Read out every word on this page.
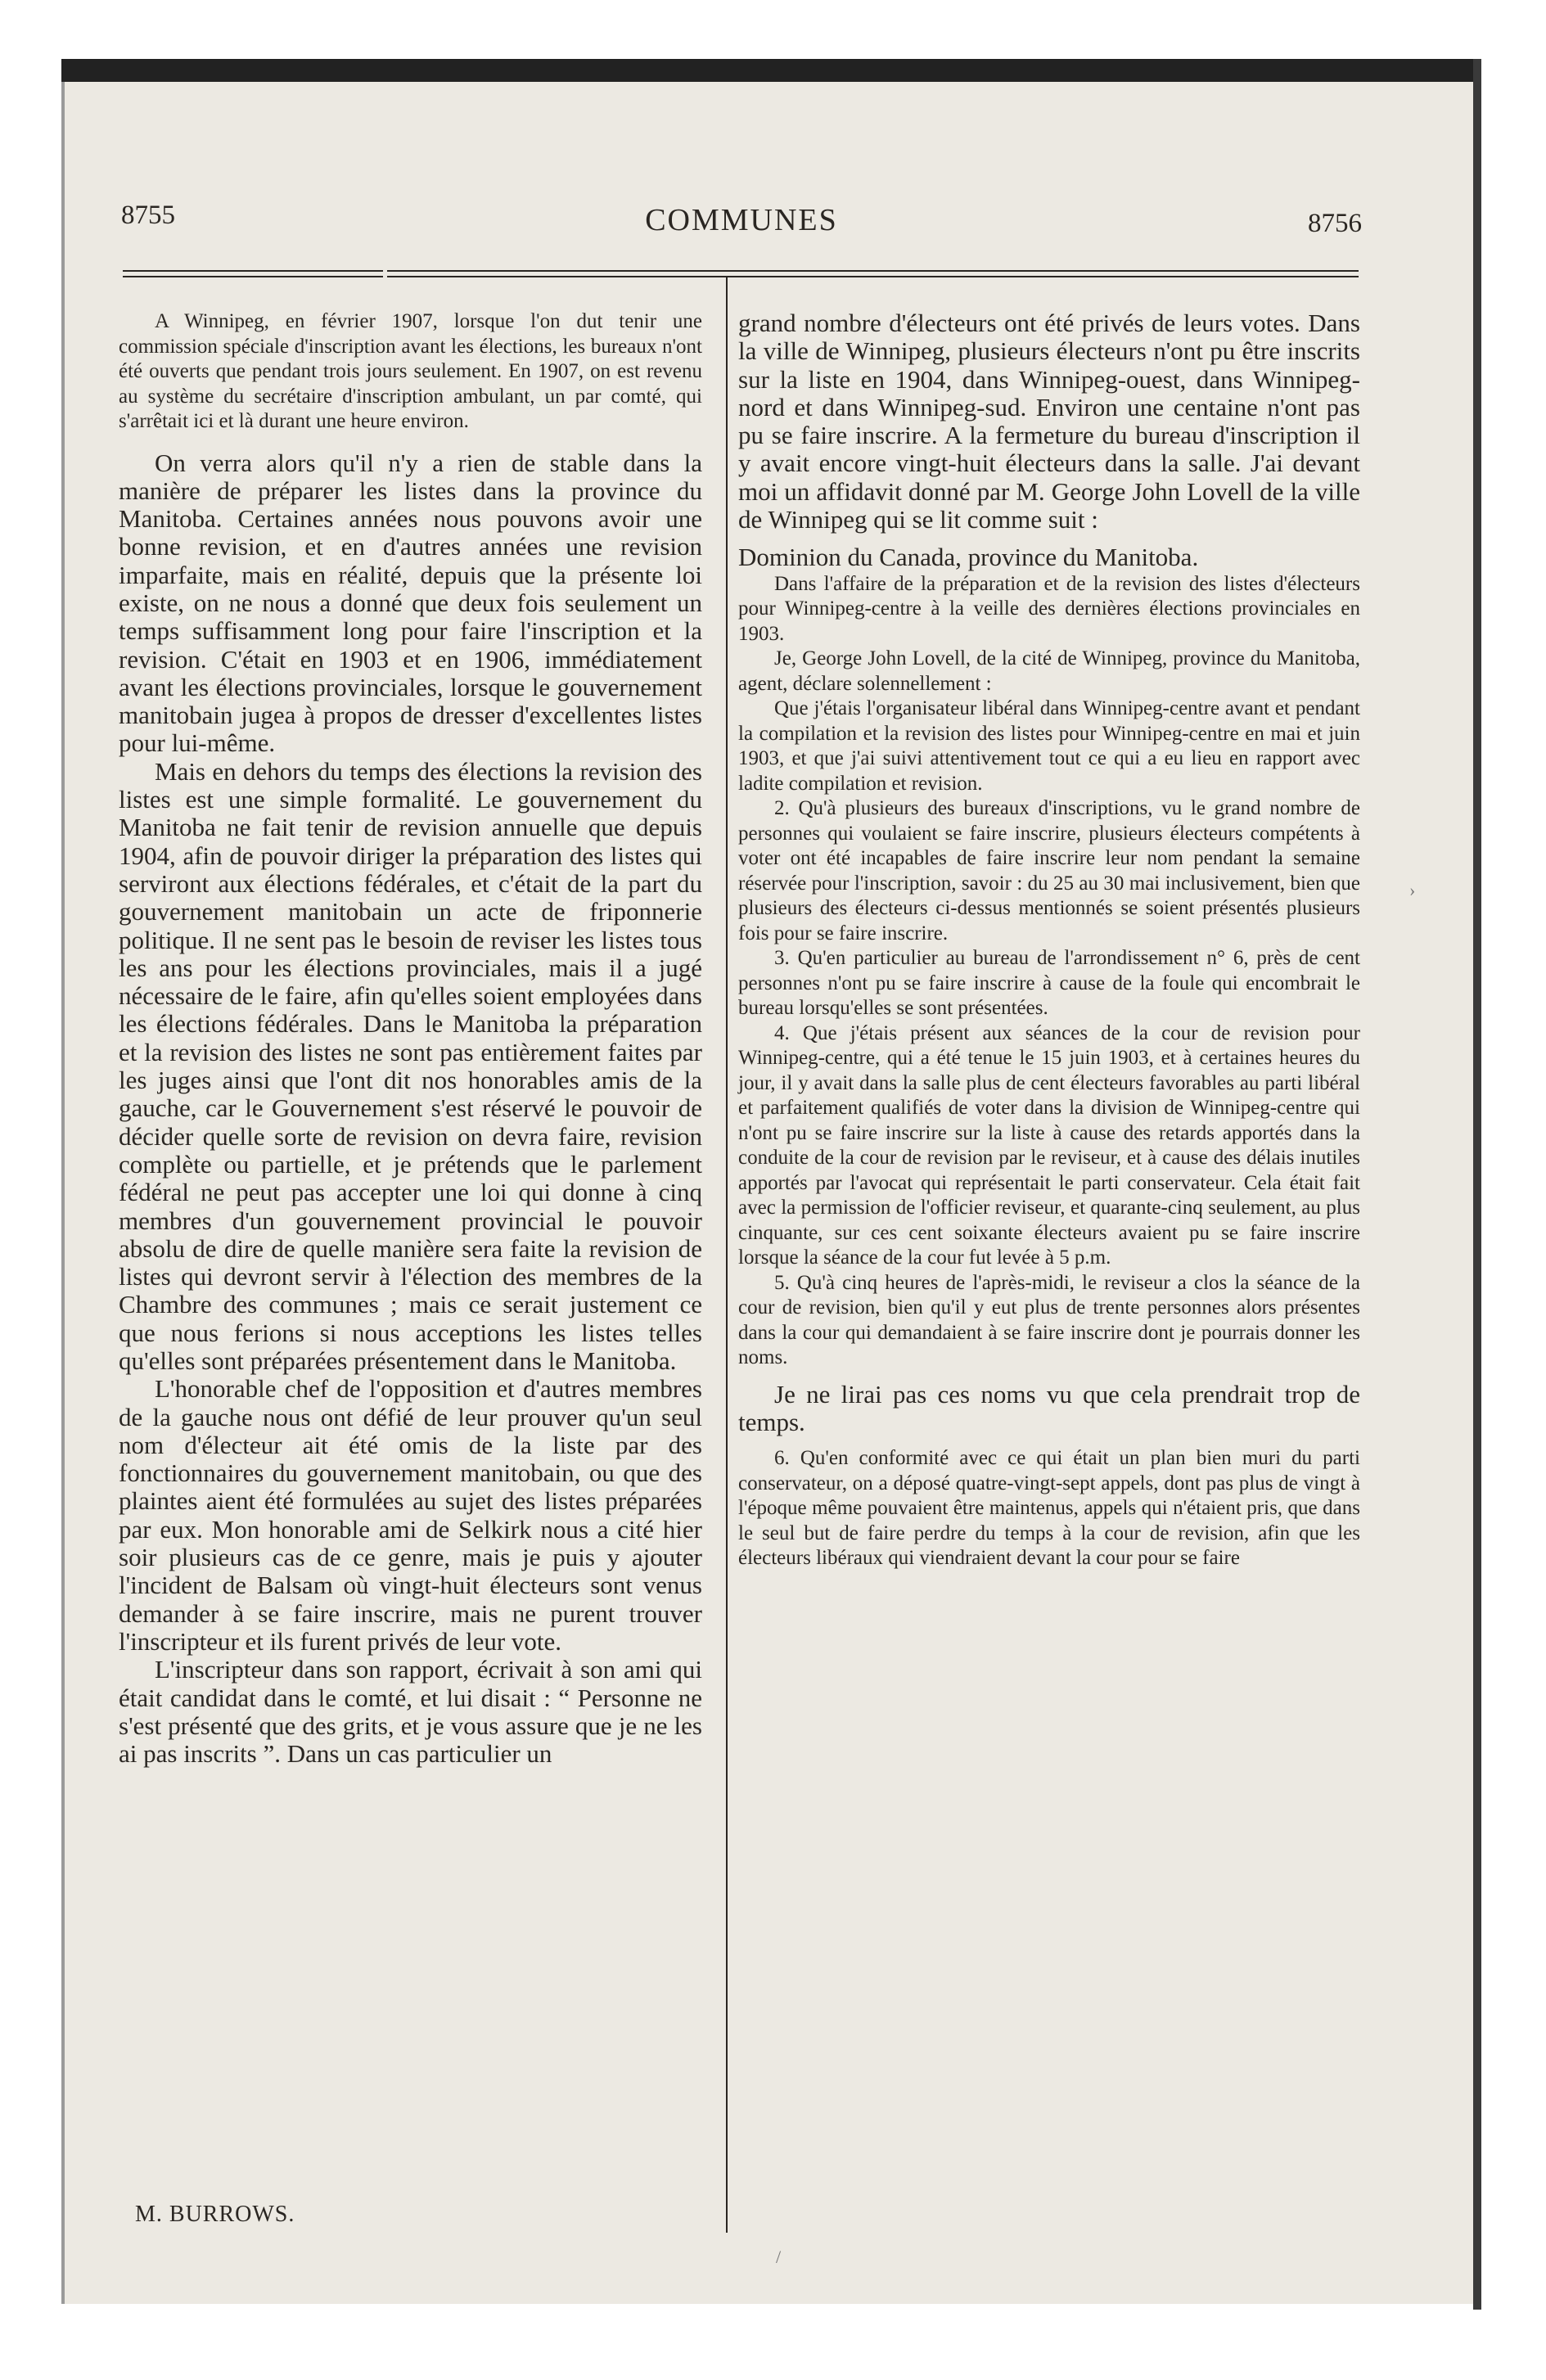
8755	COMMUNES	8756

A Winnipeg, en février 1907, lorsque l'on dut tenir une commission spéciale d'inscription avant les élections, les bureaux n'ont été ouverts que pendant trois jours seulement. En 1907, on est revenu au système du secrétaire d'inscription ambulant, un par comté, qui s'arrêtait ici et là durant une heure environ.

On verra alors qu'il n'y a rien de stable dans la manière de préparer les listes dans la province du Manitoba. Certaines années nous pouvons avoir une bonne revision, et en d'autres années une revision imparfaite, mais en réalité, depuis que la présente loi existe, on ne nous a donné que deux fois seulement un temps suffisamment long pour faire l'inscription et la revision. C'était en 1903 et en 1906, immédiatement avant les élections provinciales, lorsque le gouvernement manitobain jugea à propos de dresser d'excellentes listes pour lui-même.

Mais en dehors du temps des élections la revision des listes est une simple formalité. Le gouvernement du Manitoba ne fait tenir de revision annuelle que depuis 1904, afin de pouvoir diriger la préparation des listes qui serviront aux élections fédérales, et c'était de la part du gouvernement manitobain un acte de friponnerie politique. Il ne sent pas le besoin de reviser les listes tous les ans pour les élections provinciales, mais il a jugé nécessaire de le faire, afin qu'elles soient employées dans les élections fédérales. Dans le Manitoba la préparation et la revision des listes ne sont pas entièrement faites par les juges ainsi que l'ont dit nos honorables amis de la gauche, car le Gouvernement s'est réservé le pouvoir de décider quelle sorte de revision on devra faire, revision complète ou partielle, et je prétends que le parlement fédéral ne peut pas accepter une loi qui donne à cinq membres d'un gouvernement provincial le pouvoir absolu de dire de quelle manière sera faite la revision de listes qui devront servir à l'élection des membres de la Chambre des communes ; mais ce serait justement ce que nous ferions si nous acceptions les listes telles qu'elles sont préparées présentement dans le Manitoba.

L'honorable chef de l'opposition et d'autres membres de la gauche nous ont défié de leur prouver qu'un seul nom d'électeur ait été omis de la liste par des fonctionnaires du gouvernement manitobain, ou que des plaintes aient été formulées au sujet des listes préparées par eux. Mon honorable ami de Selkirk nous a cité hier soir plusieurs cas de ce genre, mais je puis y ajouter l'incident de Balsam où vingt-huit électeurs sont venus demander à se faire inscrire, mais ne purent trouver l'inscripteur et ils furent privés de leur vote.

L'inscripteur dans son rapport, écrivait à son ami qui était candidat dans le comté, et lui disait : “ Personne ne s'est présenté que des grits, et je vous assure que je ne les ai pas inscrits ”. Dans un cas particulier un

M. BURROWS.

grand nombre d'électeurs ont été privés de leurs votes. Dans la ville de Winnipeg, plusieurs électeurs n'ont pu être inscrits sur la liste en 1904, dans Winnipeg-ouest, dans Winnipeg-nord et dans Winnipeg-sud. Environ une centaine n'ont pas pu se faire inscrire. A la fermeture du bureau d'inscription il y avait encore vingt-huit électeurs dans la salle. J'ai devant moi un affidavit donné par M. George John Lovell de la ville de Winnipeg qui se lit comme suit :

Dominion du Canada, province du Manitoba.

Dans l'affaire de la préparation et de la revision des listes d'électeurs pour Winnipeg-centre à la veille des dernières élections provinciales en 1903.

Je, George John Lovell, de la cité de Winnipeg, province du Manitoba, agent, déclare solennellement :

Que j'étais l'organisateur libéral dans Winnipeg-centre avant et pendant la compilation et la revision des listes pour Winnipeg-centre en mai et juin 1903, et que j'ai suivi attentivement tout ce qui a eu lieu en rapport avec ladite compilation et revision.

2. Qu'à plusieurs des bureaux d'inscriptions, vu le grand nombre de personnes qui voulaient se faire inscrire, plusieurs électeurs compétents à voter ont été incapables de faire inscrire leur nom pendant la semaine réservée pour l'inscription, savoir : du 25 au 30 mai inclusivement, bien que plusieurs des électeurs ci-dessus mentionnés se soient présentés plusieurs fois pour se faire inscrire.

3. Qu'en particulier au bureau de l'arrondissement n° 6, près de cent personnes n'ont pu se faire inscrire à cause de la foule qui encombrait le bureau lorsqu'elles se sont présentées.

4. Que j'étais présent aux séances de la cour de revision pour Winnipeg-centre, qui a été tenue le 15 juin 1903, et à certaines heures du jour, il y avait dans la salle plus de cent électeurs favorables au parti libéral et parfaitement qualifiés de voter dans la division de Winnipeg-centre qui n'ont pu se faire inscrire sur la liste à cause des retards apportés dans la conduite de la cour de revision par le reviseur, et à cause des délais inutiles apportés par l'avocat qui représentait le parti conservateur. Cela était fait avec la permission de l'officier reviseur, et quarante-cinq seulement, au plus cinquante, sur ces cent soixante électeurs avaient pu se faire inscrire lorsque la séance de la cour fut levée à 5 p.m.

5. Qu'à cinq heures de l'après-midi, le reviseur a clos la séance de la cour de revision, bien qu'il y eut plus de trente personnes alors présentes dans la cour qui demandaient à se faire inscrire dont je pourrais donner les noms.

Je ne lirai pas ces noms vu que cela prendrait trop de temps.

6. Qu'en conformité avec ce qui était un plan bien muri du parti conservateur, on a déposé quatre-vingt-sept appels, dont pas plus de vingt à l'époque même pouvaient être maintenus, appels qui n'étaient pris, que dans le seul but de faire perdre du temps à la cour de revision, afin que les électeurs libéraux qui viendraient devant la cour pour se faire

›
/
